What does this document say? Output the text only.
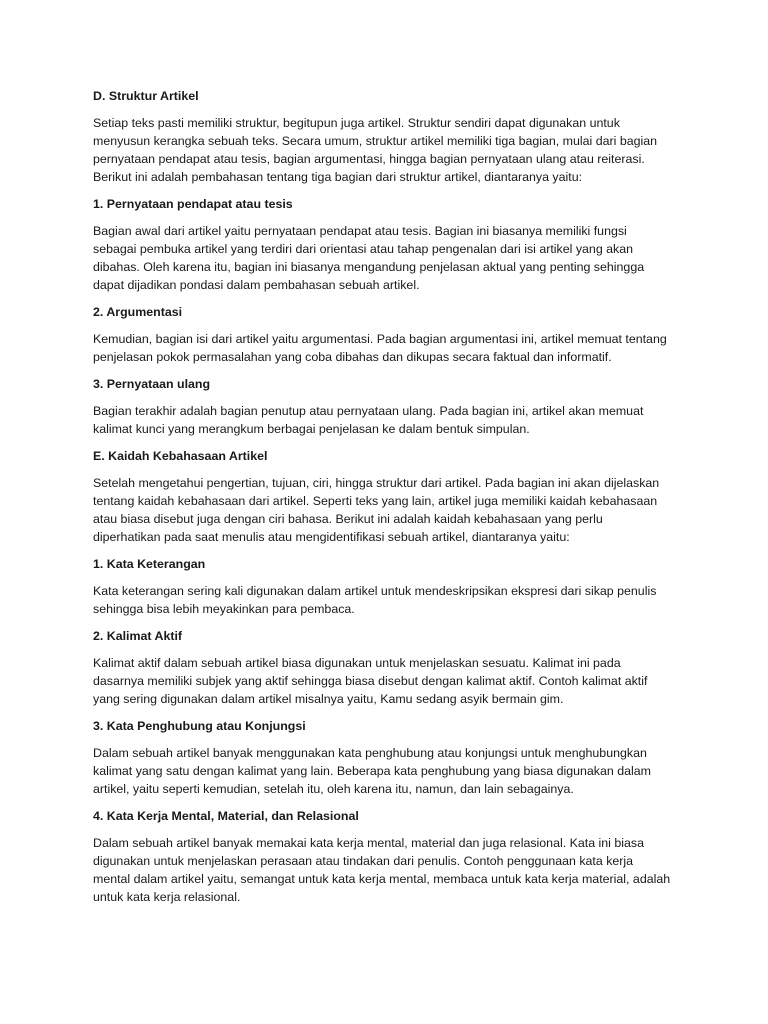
D. Struktur Artikel

Setiap teks pasti memiliki struktur, begitupun juga artikel. Struktur sendiri dapat digunakan untuk menyusun kerangka sebuah teks. Secara umum, struktur artikel memiliki tiga bagian, mulai dari bagian pernyataan pendapat atau tesis, bagian argumentasi, hingga bagian pernyataan ulang atau reiterasi. Berikut ini adalah pembahasan tentang tiga bagian dari struktur artikel, diantaranya yaitu:

1. Pernyataan pendapat atau tesis

Bagian awal dari artikel yaitu pernyataan pendapat atau tesis. Bagian ini biasanya memiliki fungsi sebagai pembuka artikel yang terdiri dari orientasi atau tahap pengenalan dari isi artikel yang akan dibahas. Oleh karena itu, bagian ini biasanya mengandung penjelasan aktual yang penting sehingga dapat dijadikan pondasi dalam pembahasan sebuah artikel.

2. Argumentasi

Kemudian, bagian isi dari artikel yaitu argumentasi. Pada bagian argumentasi ini, artikel memuat tentang penjelasan pokok permasalahan yang coba dibahas dan dikupas secara faktual dan informatif.

3. Pernyataan ulang

Bagian terakhir adalah bagian penutup atau pernyataan ulang. Pada bagian ini, artikel akan memuat kalimat kunci yang merangkum berbagai penjelasan ke dalam bentuk simpulan.

E. Kaidah Kebahasaan Artikel

Setelah mengetahui pengertian, tujuan, ciri, hingga struktur dari artikel. Pada bagian ini akan dijelaskan tentang kaidah kebahasaan dari artikel. Seperti teks yang lain, artikel juga memiliki kaidah kebahasaan atau biasa disebut juga dengan ciri bahasa. Berikut ini adalah kaidah kebahasaan yang perlu diperhatikan pada saat menulis atau mengidentifikasi sebuah artikel, diantaranya yaitu:

1. Kata Keterangan

Kata keterangan sering kali digunakan dalam artikel untuk mendeskripsikan ekspresi dari sikap penulis sehingga bisa lebih meyakinkan para pembaca.

2. Kalimat Aktif

Kalimat aktif dalam sebuah artikel biasa digunakan untuk menjelaskan sesuatu. Kalimat ini pada dasarnya memiliki subjek yang aktif sehingga biasa disebut dengan kalimat aktif. Contoh kalimat aktif yang sering digunakan dalam artikel misalnya yaitu, Kamu sedang asyik bermain gim.

3. Kata Penghubung atau Konjungsi

Dalam sebuah artikel banyak menggunakan kata penghubung atau konjungsi untuk menghubungkan kalimat yang satu dengan kalimat yang lain. Beberapa kata penghubung yang biasa digunakan dalam artikel, yaitu seperti kemudian, setelah itu, oleh karena itu, namun, dan lain sebagainya.

4. Kata Kerja Mental, Material, dan Relasional

Dalam sebuah artikel banyak memakai kata kerja mental, material dan juga relasional. Kata ini biasa digunakan untuk menjelaskan perasaan atau tindakan dari penulis. Contoh penggunaan kata kerja mental dalam artikel yaitu, semangat untuk kata kerja mental, membaca untuk kata kerja material, adalah untuk kata kerja relasional.
